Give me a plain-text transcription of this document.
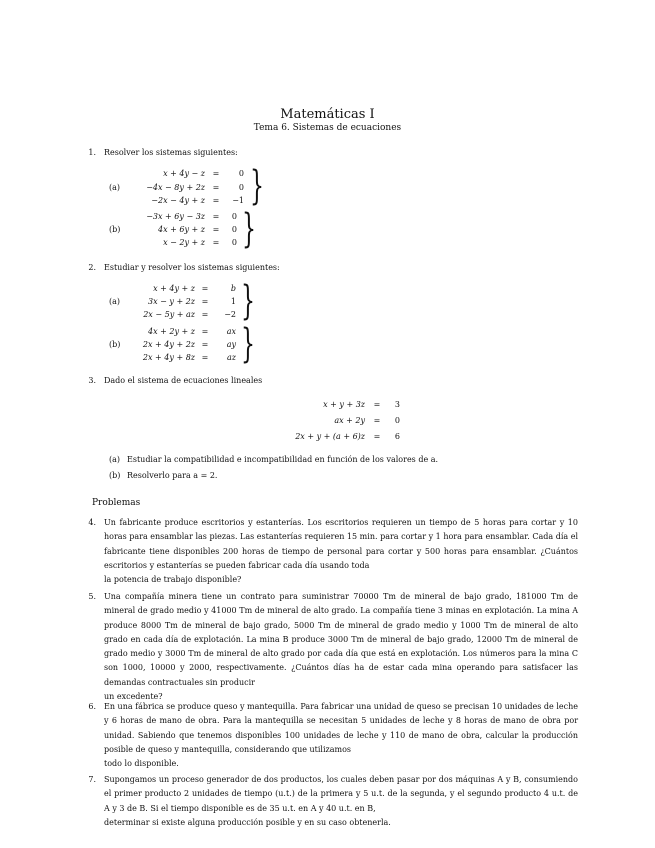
Matemáticas I
Tema 6. Sistemas de ecuaciones
1. Resolver los sistemas siguientes:
(a)
x + 4y − z =	0
−4x − 8y + 2z =	0
−2x − 4y + z =	−1 }
(b)
−3x + 6y − 3z =	0
4x + 6y + z =	0
x − 2y + z =	0 }
2. Estudiar y resolver los sistemas siguientes:
(a)
x + 4y + z =	b
3x − y + 2z =	1
2x − 5y + az =	−2 }
(b)
4x + 2y + z =	ax
2x + 4y + 2z =	ay
2x + 4y + 8z =	az }
3. Dado el sistema de ecuaciones lineales
x + y + 3z	=	3
ax + 2y	=	0
2x + y + (a + 6)z	=	6
(a) Estudiar la compatibilidad e incompatibilidad en función de los valores de a.
(b) Resolverlo para a = 2.
Problemas
4. Un fabricante produce escritorios y estanterías. Los escritorios requieren un tiempo de 5 horas para cortar y 10 horas para ensamblar las piezas. Las estanterías requieren 15 min. para cortar y 1 hora para ensamblar. Cada día el fabricante tiene disponibles 200 horas de tiempo de personal para cortar y 500 horas para ensamblar. ¿Cuántos escritorios y estanterías se pueden fabricar cada día usando toda
la potencia de trabajo disponible?
5. Una compañía minera tiene un contrato para suministrar 70000 Tm de mineral de bajo grado, 181000 Tm de mineral de grado medio y 41000 Tm de mineral de alto grado. La compañía tiene 3 minas en explotación. La mina A produce 8000 Tm de mineral de bajo grado, 5000 Tm de mineral de grado medio y 1000 Tm de mineral de alto grado en cada día de explotación. La mina B produce 3000 Tm de mineral de bajo grado, 12000 Tm de mineral de grado medio y 3000 Tm de mineral de alto grado por cada día que está en explotación. Los números para la mina C son 1000, 10000 y 2000, respectivamente. ¿Cuántos días ha de estar cada mina operando para satisfacer las demandas contractuales sin producir
un excedente?
6. En una fábrica se produce queso y mantequilla. Para fabricar una unidad de queso se precisan 10 unidades de leche y 6 horas de mano de obra. Para la mantequilla se necesitan 5 unidades de leche y 8 horas de mano de obra por unidad. Sabiendo que tenemos disponibles 100 unidades de leche y 110 de mano de obra, calcular la producción posible de queso y mantequilla, considerando que utilizamos
todo lo disponible.
7. Supongamos un proceso generador de dos productos, los cuales deben pasar por dos máquinas A y B, consumiendo el primer producto 2 unidades de tiempo (u.t.) de la primera y 5 u.t. de la segunda, y el segundo producto 4 u.t. de A y 3 de B. Si el tiempo disponible es de 35 u.t. en A y 40 u.t. en B,
determinar si existe alguna producción posible y en su caso obtenerla.
